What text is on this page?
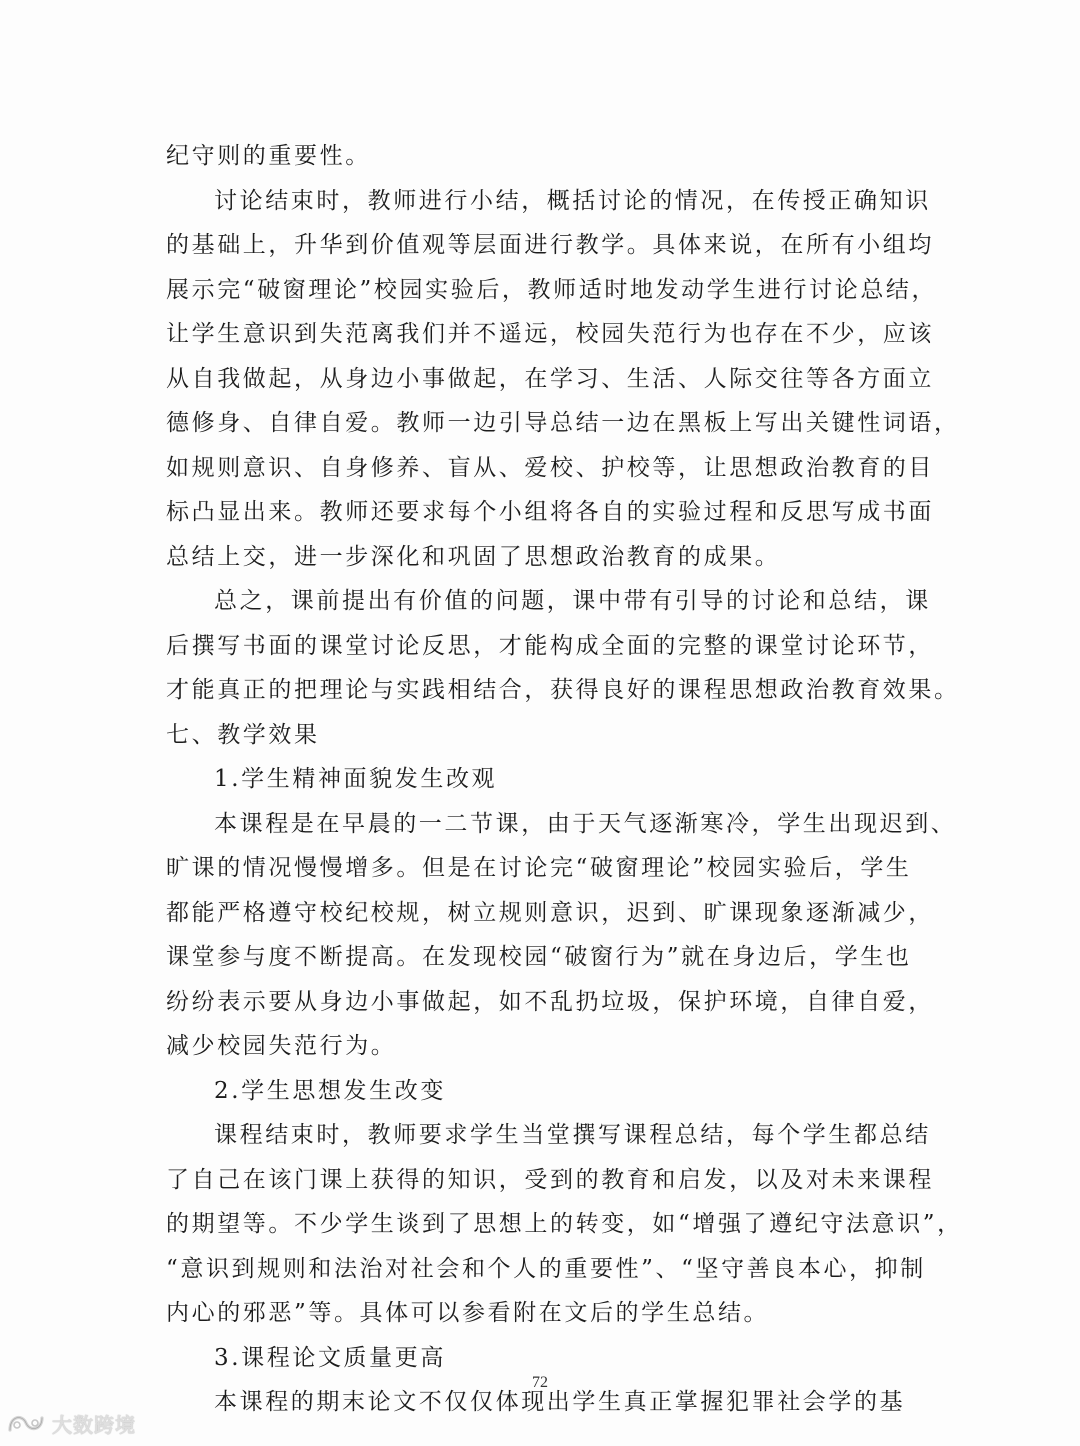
纪守则的重要性。
讨论结束时，教师进行小结，概括讨论的情况，在传授正确知识
的基础上，升华到价值观等层面进行教学。具体来说，在所有小组均
展示完“破窗理论”校园实验后，教师适时地发动学生进行讨论总结，
让学生意识到失范离我们并不遥远，校园失范行为也存在不少，应该
从自我做起，从身边小事做起，在学习、生活、人际交往等各方面立
德修身、自律自爱。教师一边引导总结一边在黑板上写出关键性词语，
如规则意识、自身修养、盲从、爱校、护校等，让思想政治教育的目
标凸显出来。教师还要求每个小组将各自的实验过程和反思写成书面
总结上交，进一步深化和巩固了思想政治教育的成果。
总之，课前提出有价值的问题，课中带有引导的讨论和总结，课
后撰写书面的课堂讨论反思，才能构成全面的完整的课堂讨论环节，
才能真正的把理论与实践相结合，获得良好的课程思想政治教育效果。
七、教学效果
1.学生精神面貌发生改观
本课程是在早晨的一二节课，由于天气逐渐寒冷，学生出现迟到、
旷课的情况慢慢增多。但是在讨论完“破窗理论”校园实验后，学生
都能严格遵守校纪校规，树立规则意识，迟到、旷课现象逐渐减少，
课堂参与度不断提高。在发现校园“破窗行为”就在身边后，学生也
纷纷表示要从身边小事做起，如不乱扔垃圾，保护环境，自律自爱，
减少校园失范行为。
2.学生思想发生改变
课程结束时，教师要求学生当堂撰写课程总结，每个学生都总结
了自己在该门课上获得的知识，受到的教育和启发，以及对未来课程
的期望等。不少学生谈到了思想上的转变，如“增强了遵纪守法意识”，
“意识到规则和法治对社会和个人的重要性”、“坚守善良本心，抑制
内心的邪恶”等。具体可以参看附在文后的学生总结。
3.课程论文质量更高
本课程的期末论文不仅仅体现出学生真正掌握犯罪社会学的基
72
大数跨境
